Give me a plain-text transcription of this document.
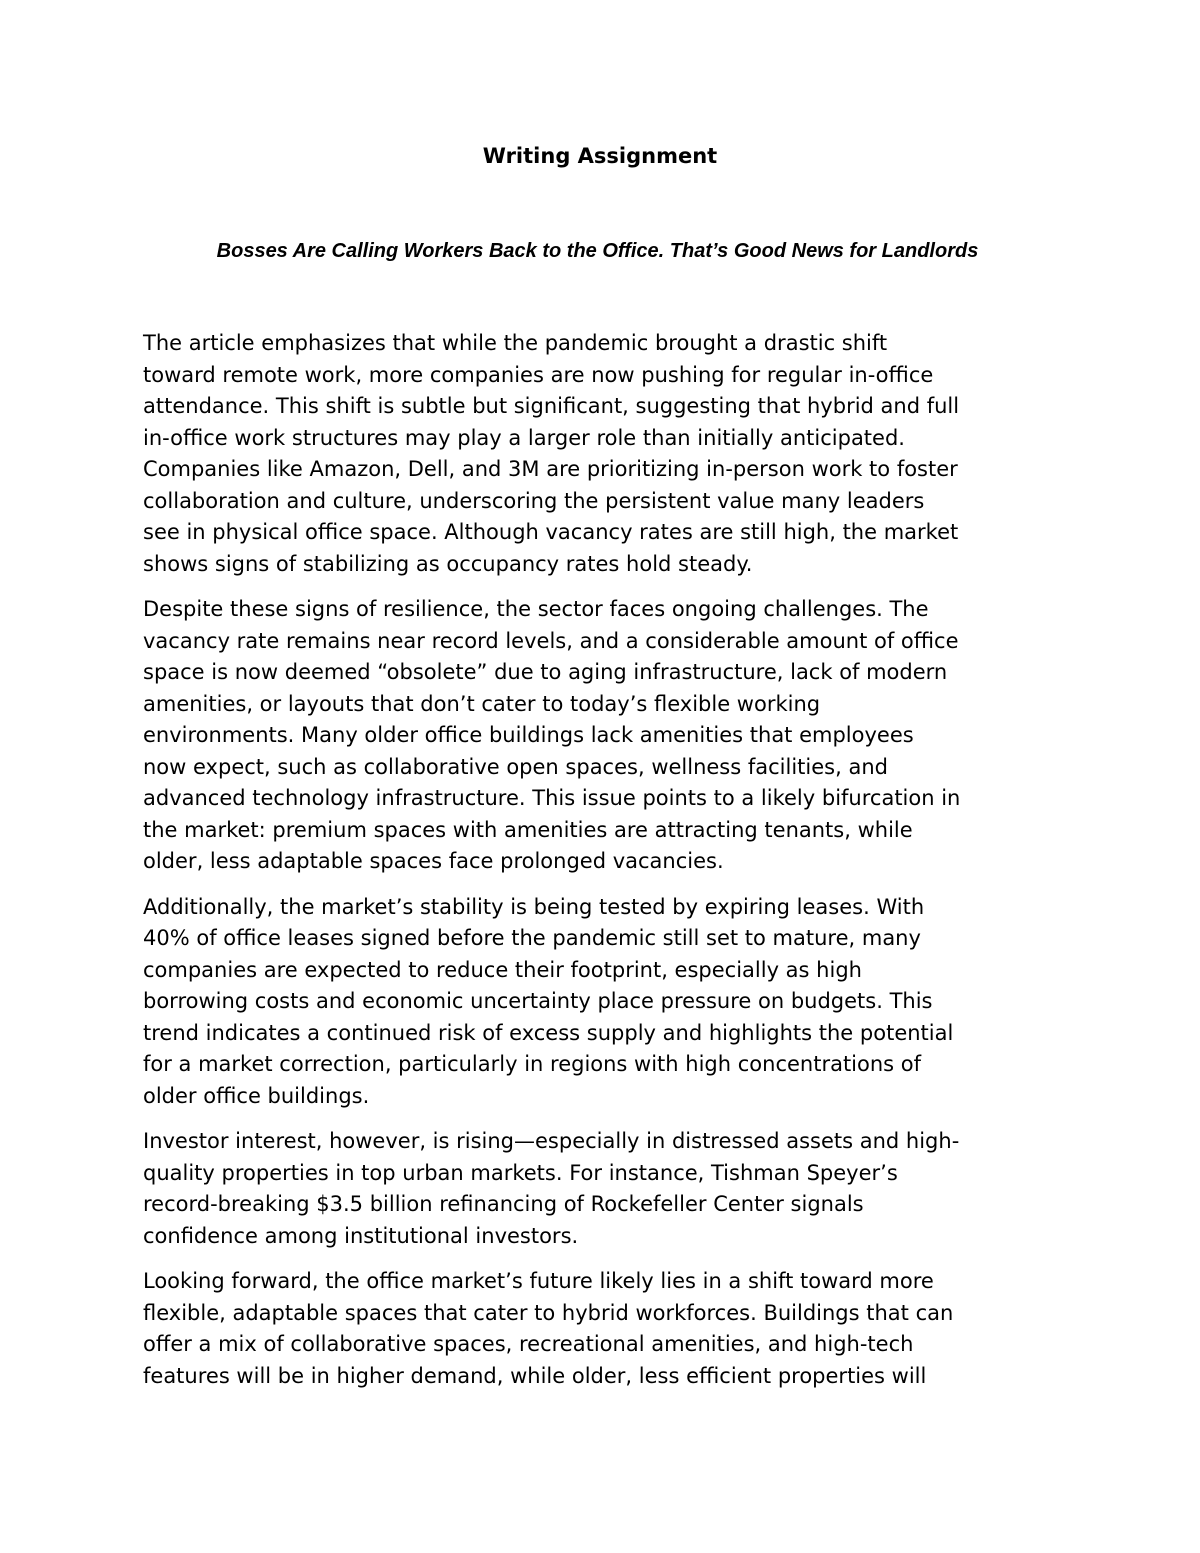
Writing Assignment
Bosses Are Calling Workers Back to the Office. That’s Good News for Landlords

The article emphasizes that while the pandemic brought a drastic shift
toward remote work, more companies are now pushing for regular in-office
attendance. This shift is subtle but significant, suggesting that hybrid and full
in-office work structures may play a larger role than initially anticipated.
Companies like Amazon, Dell, and 3M are prioritizing in-person work to foster
collaboration and culture, underscoring the persistent value many leaders
see in physical office space. Although vacancy rates are still high, the market
shows signs of stabilizing as occupancy rates hold steady.

Despite these signs of resilience, the sector faces ongoing challenges. The
vacancy rate remains near record levels, and a considerable amount of office
space is now deemed “obsolete” due to aging infrastructure, lack of modern
amenities, or layouts that don’t cater to today’s flexible working
environments. Many older office buildings lack amenities that employees
now expect, such as collaborative open spaces, wellness facilities, and
advanced technology infrastructure. This issue points to a likely bifurcation in
the market: premium spaces with amenities are attracting tenants, while
older, less adaptable spaces face prolonged vacancies.

Additionally, the market’s stability is being tested by expiring leases. With
40% of office leases signed before the pandemic still set to mature, many
companies are expected to reduce their footprint, especially as high
borrowing costs and economic uncertainty place pressure on budgets. This
trend indicates a continued risk of excess supply and highlights the potential
for a market correction, particularly in regions with high concentrations of
older office buildings.

Investor interest, however, is rising—especially in distressed assets and high-
quality properties in top urban markets. For instance, Tishman Speyer’s
record-breaking $3.5 billion refinancing of Rockefeller Center signals
confidence among institutional investors.

Looking forward, the office market’s future likely lies in a shift toward more
flexible, adaptable spaces that cater to hybrid workforces. Buildings that can
offer a mix of collaborative spaces, recreational amenities, and high-tech
features will be in higher demand, while older, less efficient properties will
